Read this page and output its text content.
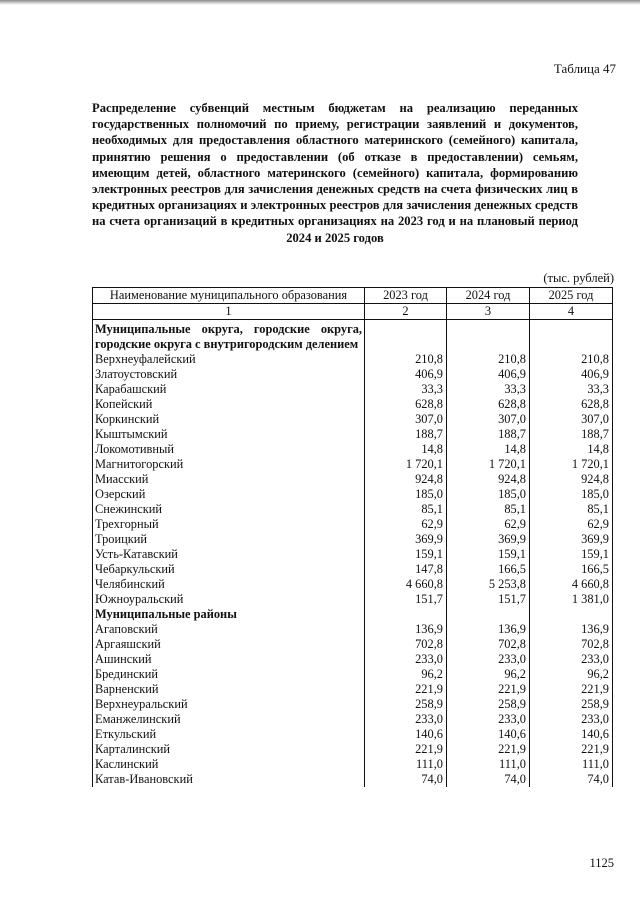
Таблица 47
Распределение субвенций местным бюджетам на реализацию переданных государственных полномочий по приему, регистрации заявлений и документов, необходимых для предоставления областного материнского (семейного) капитала, принятию решения о предоставлении (об отказе в предоставлении) семьям, имеющим детей, областного материнского (семейного) капитала, формированию электронных реестров для зачисления денежных средств на счета физических лиц в кредитных организациях и электронных реестров для зачисления денежных средств на счета организаций в кредитных организациях на 2023 год и на плановый период 2024 и 2025 годов
(тыс. рублей)
Наименование муниципального образования	2023 год	2024 год	2025 год
1	2	3	4
Муниципальные округа, городские округа, городские округа с внутригородским делением			
Верхнеуфалейский	210,8	210,8	210,8
Златоустовский	406,9	406,9	406,9
Карабашский	33,3	33,3	33,3
Копейский	628,8	628,8	628,8
Коркинский	307,0	307,0	307,0
Кыштымский	188,7	188,7	188,7
Локомотивный	14,8	14,8	14,8
Магнитогорский	1 720,1	1 720,1	1 720,1
Миасский	924,8	924,8	924,8
Озерский	185,0	185,0	185,0
Снежинский	85,1	85,1	85,1
Трехгорный	62,9	62,9	62,9
Троицкий	369,9	369,9	369,9
Усть-Катавский	159,1	159,1	159,1
Чебаркульский	147,8	166,5	166,5
Челябинский	4 660,8	5 253,8	4 660,8
Южноуральский	151,7	151,7	1 381,0
Муниципальные районы			
Агаповский	136,9	136,9	136,9
Аргаяшский	702,8	702,8	702,8
Ашинский	233,0	233,0	233,0
Брединский	96,2	96,2	96,2
Варненский	221,9	221,9	221,9
Верхнеуральский	258,9	258,9	258,9
Еманжелинский	233,0	233,0	233,0
Еткульский	140,6	140,6	140,6
Карталинский	221,9	221,9	221,9
Каслинский	111,0	111,0	111,0
Катав-Ивановский	74,0	74,0	74,0
1125
